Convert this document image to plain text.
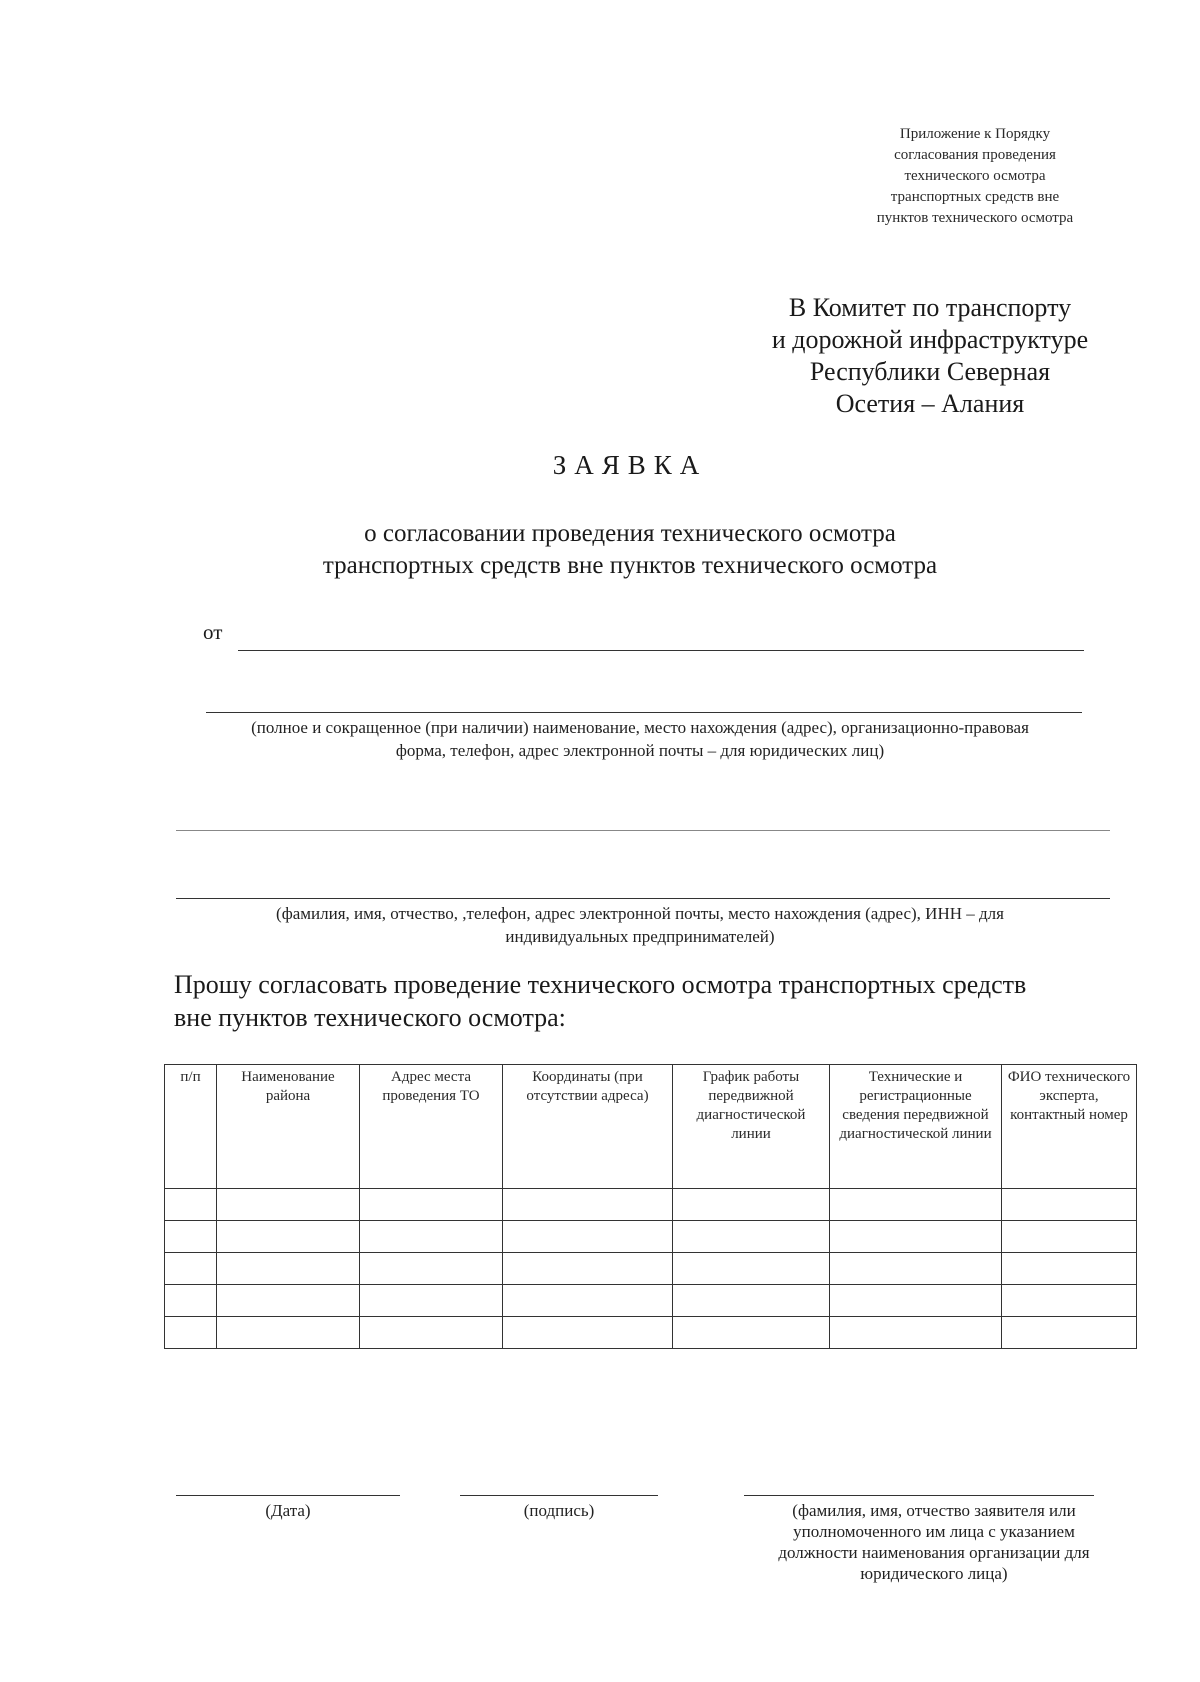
Приложение к Порядку
согласования проведения
технического осмотра
транспортных средств вне
пунктов технического осмотра
В Комитет по транспорту
и дорожной инфраструктуре
Республики Северная
Осетия – Алания
ЗАЯВКА
о согласовании проведения технического осмотра
транспортных средств вне пунктов технического осмотра
от
(полное и сокращенное (при наличии) наименование, место нахождения (адрес), организационно-правовая
форма, телефон, адрес электронной почты – для юридических лиц)
(фамилия, имя, отчество, ,телефон, адрес электронной почты, место нахождения (адрес), ИНН – для
индивидуальных предпринимателей)
Прошу согласовать проведение технического осмотра транспортных средств
вне пунктов технического осмотра:
п/п	Наименование района	Адрес места проведения ТО	Координаты (при отсутствии адреса)	График работы передвижной диагностической линии	Технические и регистрационные сведения передвижной диагностической линии	ФИО технического эксперта, контактный номер

(Дата)	(подпись)	(фамилия, имя, отчество заявителя или
уполномоченного им лица с указанием
должности наименования организации для
юридического лица)
